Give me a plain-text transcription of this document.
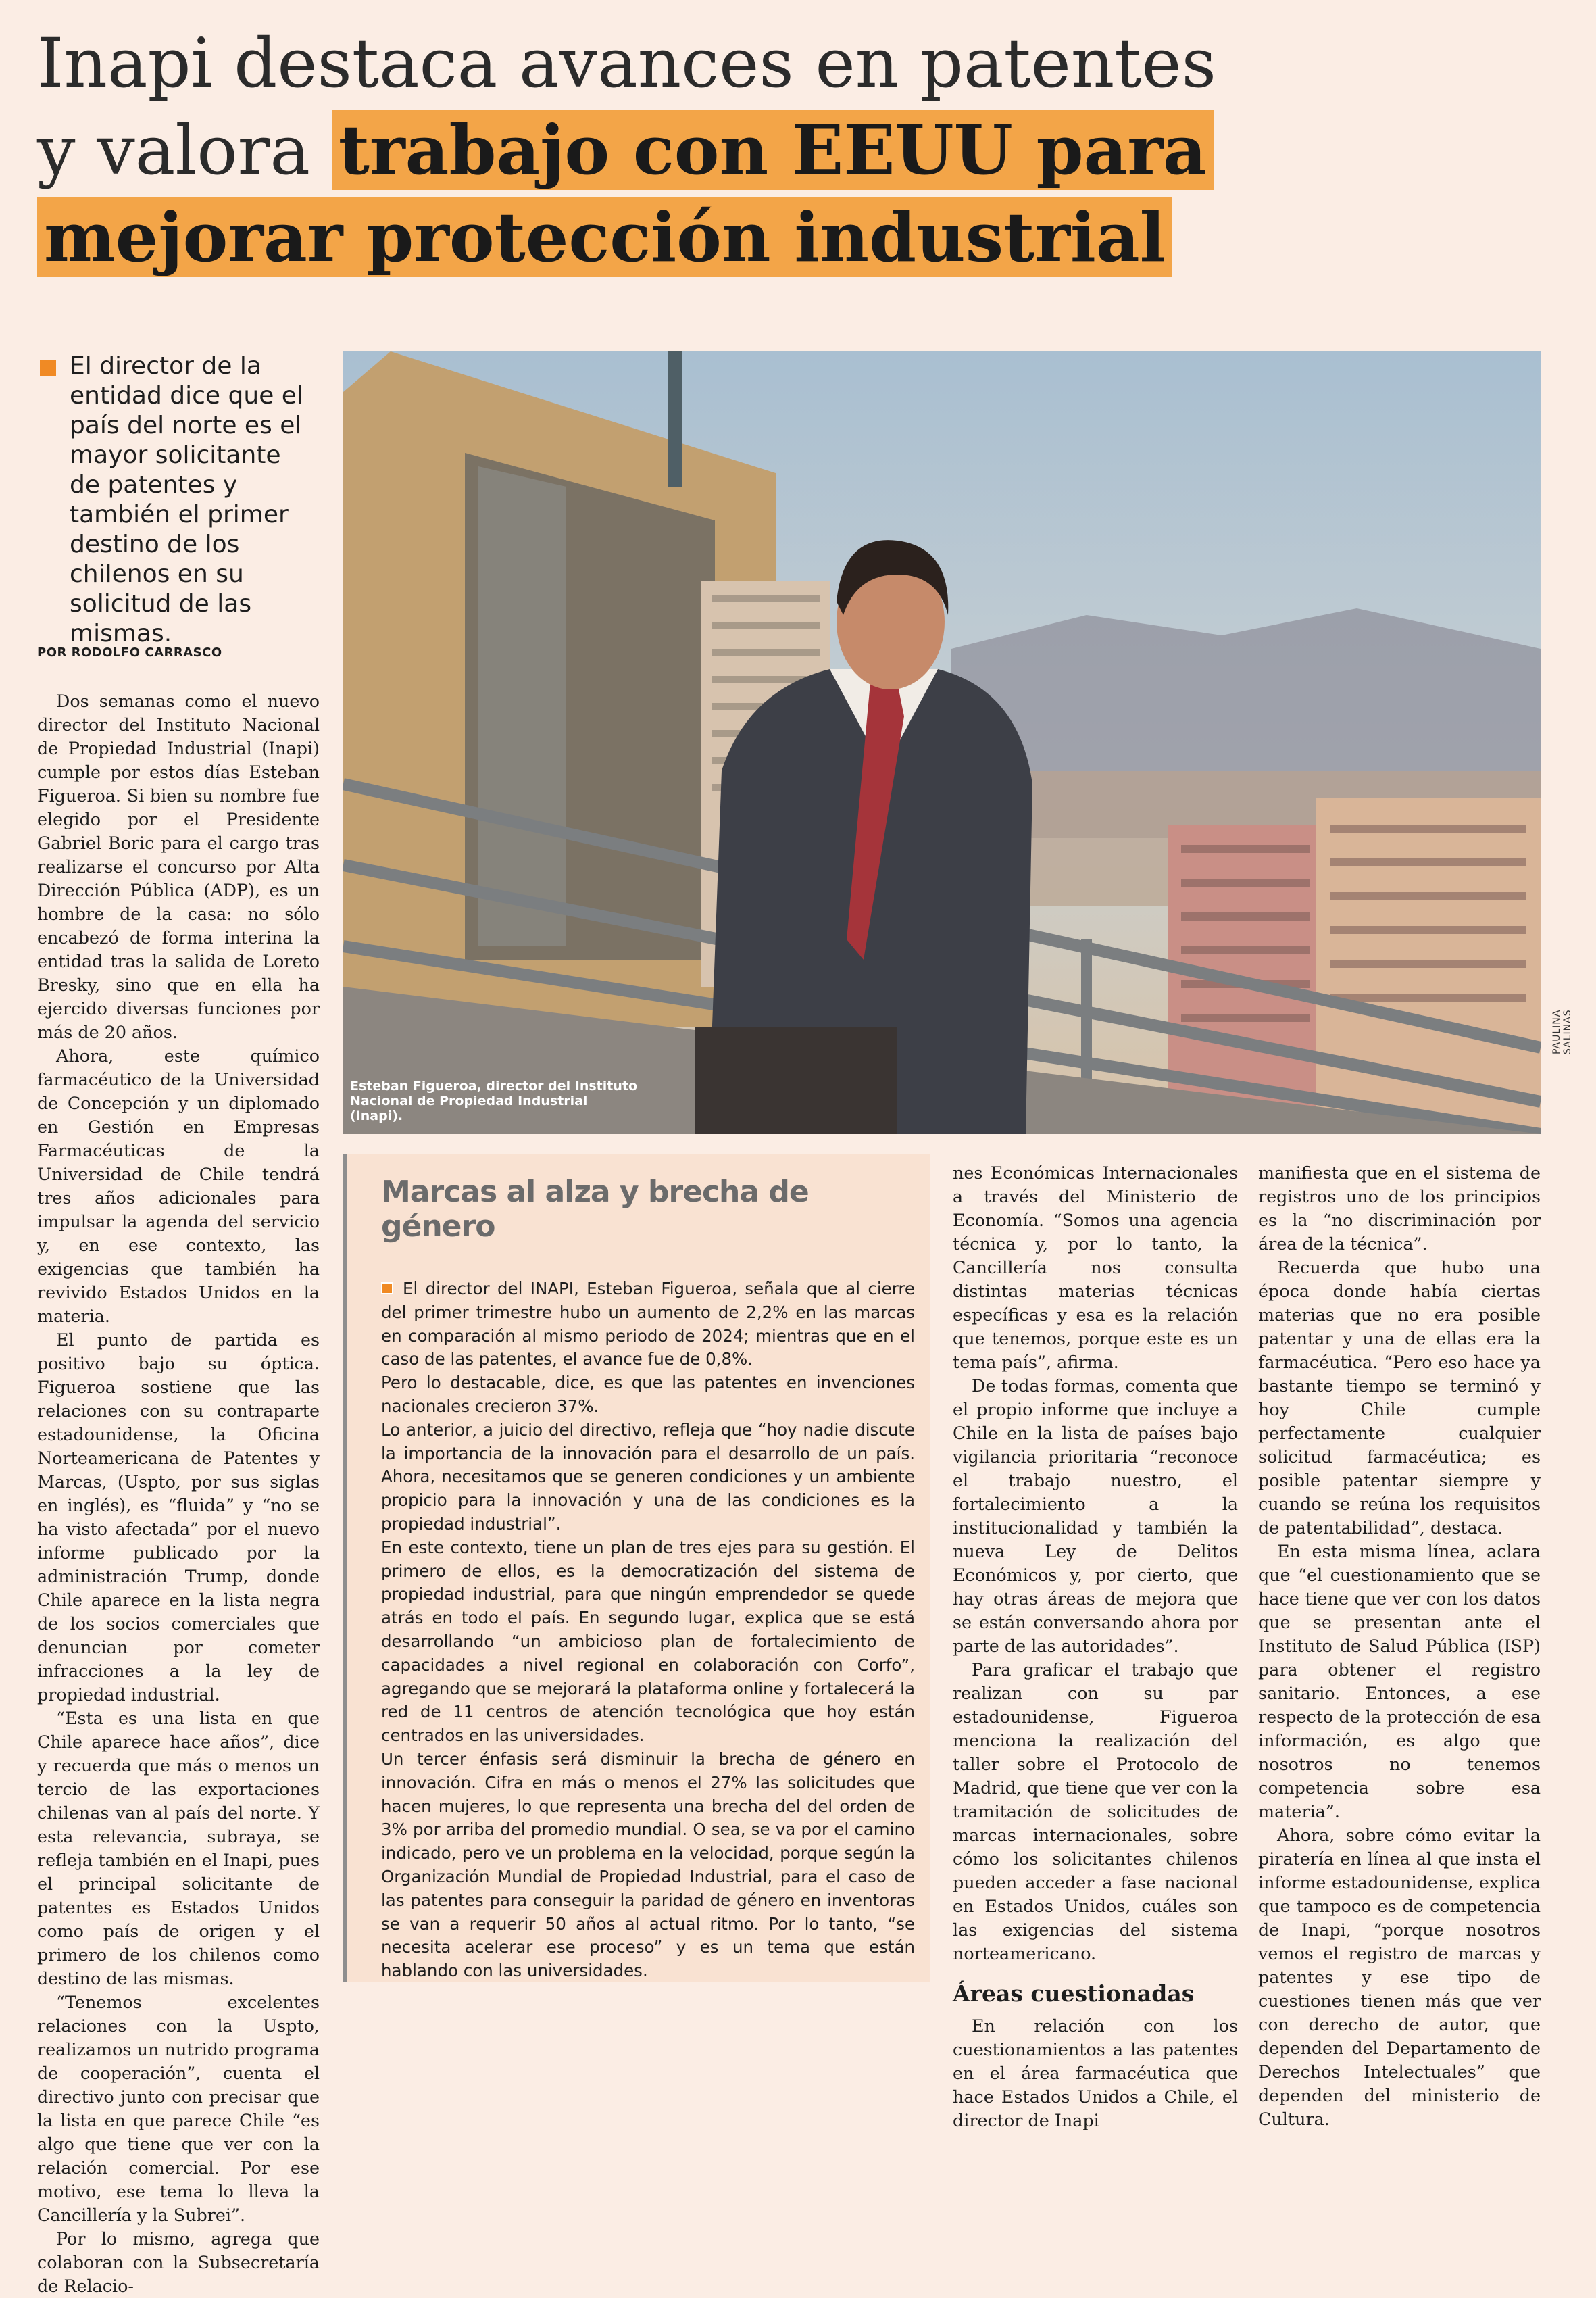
Inapi destaca avances en patentes y valora trabajo con EEUU para mejorar protección industrial

El director de la entidad dice que el país del norte es el mayor solicitante de patentes y también el primer destino de los chilenos en su solicitud de las mismas.

POR RODOLFO CARRASCO

Dos semanas como el nuevo director del Instituto Nacional de Propiedad Industrial (Inapi) cumple por estos días Esteban Figueroa. Si bien su nombre fue elegido por el Presidente Gabriel Boric para el cargo tras realizarse el concurso por Alta Dirección Pública (ADP), es un hombre de la casa: no sólo encabezó de forma interina la entidad tras la salida de Loreto Bresky, sino que en ella ha ejercido diversas funciones por más de 20 años.

Ahora, este químico farmacéutico de la Universidad de Concepción y un diplomado en Gestión en Empresas Farmacéuticas de la Universidad de Chile tendrá tres años adicionales para impulsar la agenda del servicio y, en ese contexto, las exigencias que también ha revivido Estados Unidos en la materia.

El punto de partida es positivo bajo su óptica. Figueroa sostiene que las relaciones con su contraparte estadounidense, la Oficina Norteamericana de Patentes y Marcas, (Uspto, por sus siglas en inglés), es “fluida” y “no se ha visto afectada” por el nuevo informe publicado por la administración Trump, donde Chile aparece en la lista negra de los socios comerciales que denuncian por cometer infracciones a la ley de propiedad industrial.

“Esta es una lista en que Chile aparece hace años”, dice y recuerda que más o menos un tercio de las exportaciones chilenas van al país del norte. Y esta relevancia, subraya, se refleja también en el Inapi, pues el principal solicitante de patentes es Estados Unidos como país de origen y el primero de los chilenos como destino de las mismas.

“Tenemos excelentes relaciones con la Uspto, realizamos un nutrido programa de cooperación”, cuenta el directivo junto con precisar que la lista en que parece Chile “es algo que tiene que ver con la relación comercial. Por ese motivo, ese tema lo lleva la Cancillería y la Subrei”.

Por lo mismo, agrega que colaboran con la Subsecretaría de Relacio-

Esteban Figueroa, director del Instituto Nacional de Propiedad Industrial (Inapi).
PAULINA SALINAS
Marcas al alza y brecha de género

El director del INAPI, Esteban Figueroa, señala que al cierre del primer trimestre hubo un aumento de 2,2% en las marcas en comparación al mismo periodo de 2024; mientras que en el caso de las patentes, el avance fue de 0,8%.

Pero lo destacable, dice, es que las patentes en invenciones nacionales crecieron 37%.

Lo anterior, a juicio del directivo, refleja que “hoy nadie discute la importancia de la innovación para el desarrollo de un país. Ahora, necesitamos que se generen condiciones y un ambiente propicio para la innovación y una de las condiciones es la propiedad industrial”.

En este contexto, tiene un plan de tres ejes para su gestión. El primero de ellos, es la democratización del sistema de propiedad industrial, para que ningún emprendedor se quede atrás en todo el país. En segundo lugar, explica que se está desarrollando “un ambicioso plan de fortalecimiento de capacidades a nivel regional en colaboración con Corfo”, agregando que se mejorará la plataforma online y fortalecerá la red de 11 centros de atención tecnológica que hoy están centrados en las universidades.

Un tercer énfasis será disminuir la brecha de género en innovación. Cifra en más o menos el 27% las solicitudes que hacen mujeres, lo que representa una brecha del del orden de 3% por arriba del promedio mundial. O sea, se va por el camino indicado, pero ve un problema en la velocidad, porque según la Organización Mundial de Propiedad Industrial, para el caso de las patentes para conseguir la paridad de género en inventoras se van a requerir 50 años al actual ritmo. Por lo tanto, “se necesita acelerar ese proceso” y es un tema que están hablando con las universidades.

nes Económicas Internacionales a través del Ministerio de Economía. “Somos una agencia técnica y, por lo tanto, la Cancillería nos consulta distintas materias técnicas específicas y esa es la relación que tenemos, porque este es un tema país”, afirma.

De todas formas, comenta que el propio informe que incluye a Chile en la lista de países bajo vigilancia prioritaria “reconoce el trabajo nuestro, el fortalecimiento a la institucionalidad y también la nueva Ley de Delitos Económicos y, por cierto, que hay otras áreas de mejora que se están conversando ahora por parte de las autoridades”.

Para graficar el trabajo que realizan con su par estadounidense, Figueroa menciona la realización del taller sobre el Protocolo de Madrid, que tiene que ver con la tramitación de solicitudes de marcas internacionales, sobre cómo los solicitantes chilenos pueden acceder a fase nacional en Estados Unidos, cuáles son las exigencias del sistema norteamericano.

Áreas cuestionadas

En relación con los cuestionamientos a las patentes en el área farmacéutica que hace Estados Unidos a Chile, el director de Inapi

manifiesta que en el sistema de registros uno de los principios es la “no discriminación por área de la técnica”.

Recuerda que hubo una época donde había ciertas materias que no era posible patentar y una de ellas era la farmacéutica. “Pero eso hace ya bastante tiempo se terminó y hoy Chile cumple perfectamente cualquier solicitud farmacéutica; es posible patentar siempre y cuando se reúna los requisitos de patentabilidad”, destaca.

En esta misma línea, aclara que “el cuestionamiento que se hace tiene que ver con los datos que se presentan ante el Instituto de Salud Pública (ISP) para obtener el registro sanitario. Entonces, a ese respecto de la protección de esa información, es algo que nosotros no tenemos competencia sobre esa materia”.

Ahora, sobre cómo evitar la piratería en línea al que insta el informe estadounidense, explica que tampoco es de competencia de Inapi, “porque nosotros vemos el registro de marcas y patentes y ese tipo de cuestiones tienen más que ver con derecho de autor, que dependen del Departamento de Derechos Intelectuales” que dependen del ministerio de Cultura.
